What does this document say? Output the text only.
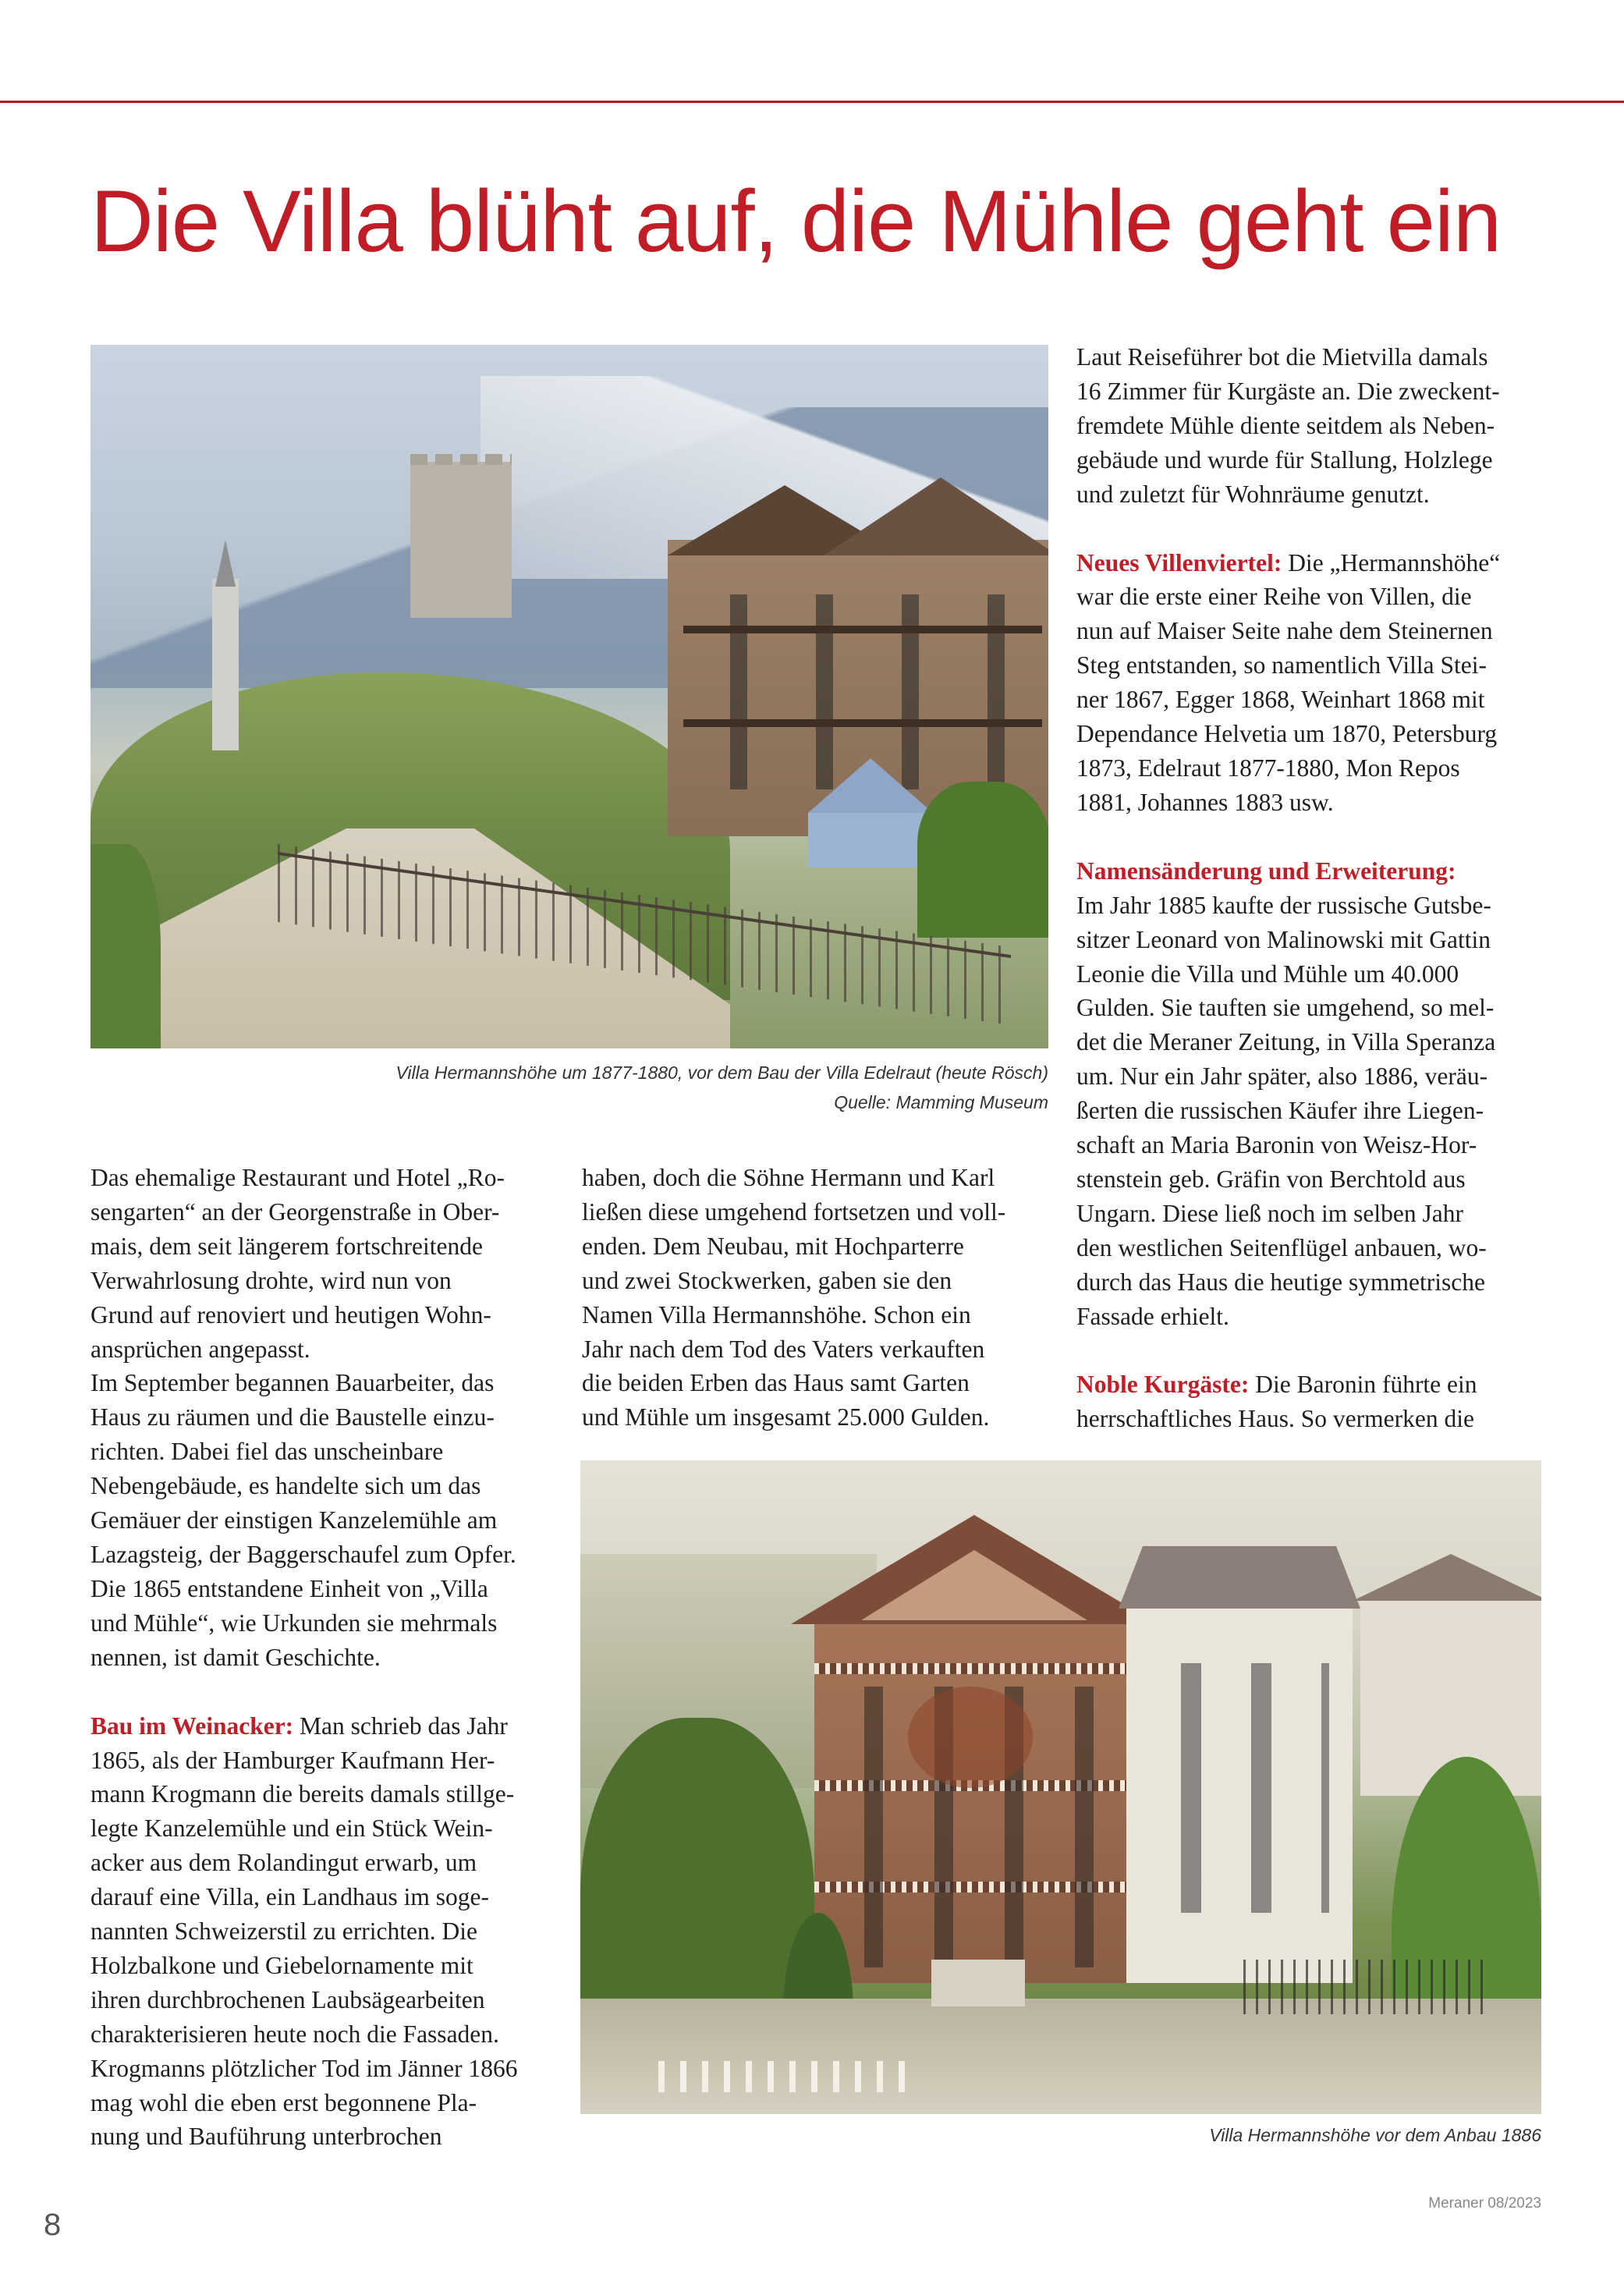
Die Villa blüht auf, die Mühle geht ein

Villa Hermannshöhe um 1877-1880, vor dem Bau der Villa Edelraut (heute Rösch)
Quelle: Mamming Museum

Das ehemalige Restaurant und Hotel „Ro-
sengarten“ an der Georgenstraße in Ober-
mais, dem seit längerem fortschreitende
Verwahrlosung drohte, wird nun von
Grund auf renoviert und heutigen Wohn-
ansprüchen angepasst.

Im September begannen Bauarbeiter, das
Haus zu räumen und die Baustelle einzu-
richten. Dabei fiel das unscheinbare
Nebengebäude, es handelte sich um das
Gemäuer der einstigen Kanzelemühle am
Lazagsteig, der Baggerschaufel zum Opfer.
Die 1865 entstandene Einheit von „Villa
und Mühle“, wie Urkunden sie mehrmals
nennen, ist damit Geschichte.

Bau im Weinacker: Man schrieb das Jahr
1865, als der Hamburger Kaufmann Her-
mann Krogmann die bereits damals stillge-
legte Kanzelemühle und ein Stück Wein-
acker aus dem Rolandingut erwarb, um
darauf eine Villa, ein Landhaus im soge-
nannten Schweizerstil zu errichten. Die
Holzbalkone und Giebelornamente mit
ihren durchbrochenen Laubsägearbeiten
charakterisieren heute noch die Fassaden.
Krogmanns plötzlicher Tod im Jänner 1866
mag wohl die eben erst begonnene Pla-
nung und Bauführung unterbrochen

haben, doch die Söhne Hermann und Karl
ließen diese umgehend fortsetzen und voll-
enden. Dem Neubau, mit Hochparterre
und zwei Stockwerken, gaben sie den
Namen Villa Hermannshöhe. Schon ein
Jahr nach dem Tod des Vaters verkauften
die beiden Erben das Haus samt Garten
und Mühle um insgesamt 25.000 Gulden.

Laut Reiseführer bot die Mietvilla damals
16 Zimmer für Kurgäste an. Die zweckent-
fremdete Mühle diente seitdem als Neben-
gebäude und wurde für Stallung, Holzlege
und zuletzt für Wohnräume genutzt.

Neues Villenviertel: Die „Hermannshöhe“
war die erste einer Reihe von Villen, die
nun auf Maiser Seite nahe dem Steinernen
Steg entstanden, so namentlich Villa Stei-
ner 1867, Egger 1868, Weinhart 1868 mit
Dependance Helvetia um 1870, Petersburg
1873, Edelraut 1877-1880, Mon Repos
1881, Johannes 1883 usw.

Namensänderung und Erweiterung:
Im Jahr 1885 kaufte der russische Gutsbe-
sitzer Leonard von Malinowski mit Gattin
Leonie die Villa und Mühle um 40.000
Gulden. Sie tauften sie umgehend, so mel-
det die Meraner Zeitung, in Villa Speranza
um. Nur ein Jahr später, also 1886, veräu-
ßerten die russischen Käufer ihre Liegen-
schaft an Maria Baronin von Weisz-Hor-
stenstein geb. Gräfin von Berchtold aus
Ungarn. Diese ließ noch im selben Jahr
den westlichen Seitenflügel anbauen, wo-
durch das Haus die heutige symmetrische
Fassade erhielt.

Noble Kurgäste: Die Baronin führte ein
herrschaftliches Haus. So vermerken die

Villa Hermannshöhe vor dem Anbau 1886

8
Meraner 08/2023
